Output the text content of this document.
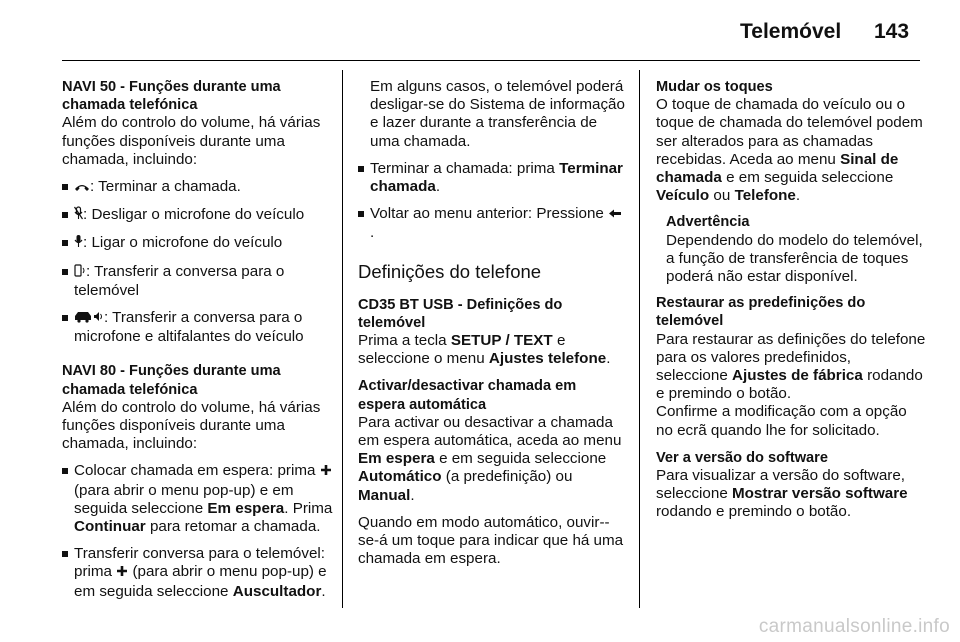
Telemóvel 143

NAVI 50 - Funções durante uma chamada telefónica

Além do controlo do volume, há várias funções disponíveis durante uma chamada, incluindo:

: Terminar a chamada.
: Desligar o microfone do veículo
: Ligar o microfone do veículo
: Transferir a conversa para o telemóvel
: Transferir a conversa para o microfone e altifalantes do veículo

NAVI 80 - Funções durante uma chamada telefónica

Além do controlo do volume, há várias funções disponíveis durante uma chamada, incluindo:

Colocar chamada em espera: prima  (para abrir o menu pop-up) e em seguida seleccione Em espera. Prima Continuar para retomar a chamada.
Transferir conversa para o telemóvel: prima (para abrir o menu pop-up) e em seguida seleccione Auscultador.

Em alguns casos, o telemóvel poderá desligar-se do Sistema de informação e lazer durante a transferência de uma chamada.

Terminar a chamada: prima Terminar chamada.
Voltar ao menu anterior: Pressione .
Definições do telefone

CD35 BT USB - Definições do telemóvel

Prima a tecla SETUP / TEXT e seleccione o menu Ajustes telefone.

Activar/desactivar chamada em espera automática

Para activar ou desactivar a chamada em espera automática, aceda ao menu Em espera e em seguida seleccione Automático (a predefinição) ou Manual.

Quando em modo automático, ouvir--se-á um toque para indicar que há uma chamada em espera.

Mudar os toques

O toque de chamada do veículo ou o toque de chamada do telemóvel podem ser alterados para as chamadas recebidas. Aceda ao menu Sinal de chamada e em seguida seleccione Veículo ou Telefone.

Advertência

Dependendo do modelo do telemóvel, a função de transferência de toques poderá não estar disponível.

Restaurar as predefinições do telemóvel

Para restaurar as definições do telefone para os valores predefinidos, seleccione Ajustes de fábrica rodando e premindo o botão.

Confirme a modificação com a opção no ecrã quando lhe for solicitado.

Ver a versão do software

Para visualizar a versão do software, seleccione Mostrar versão software rodando e premindo o botão.

carmanualsonline.info
